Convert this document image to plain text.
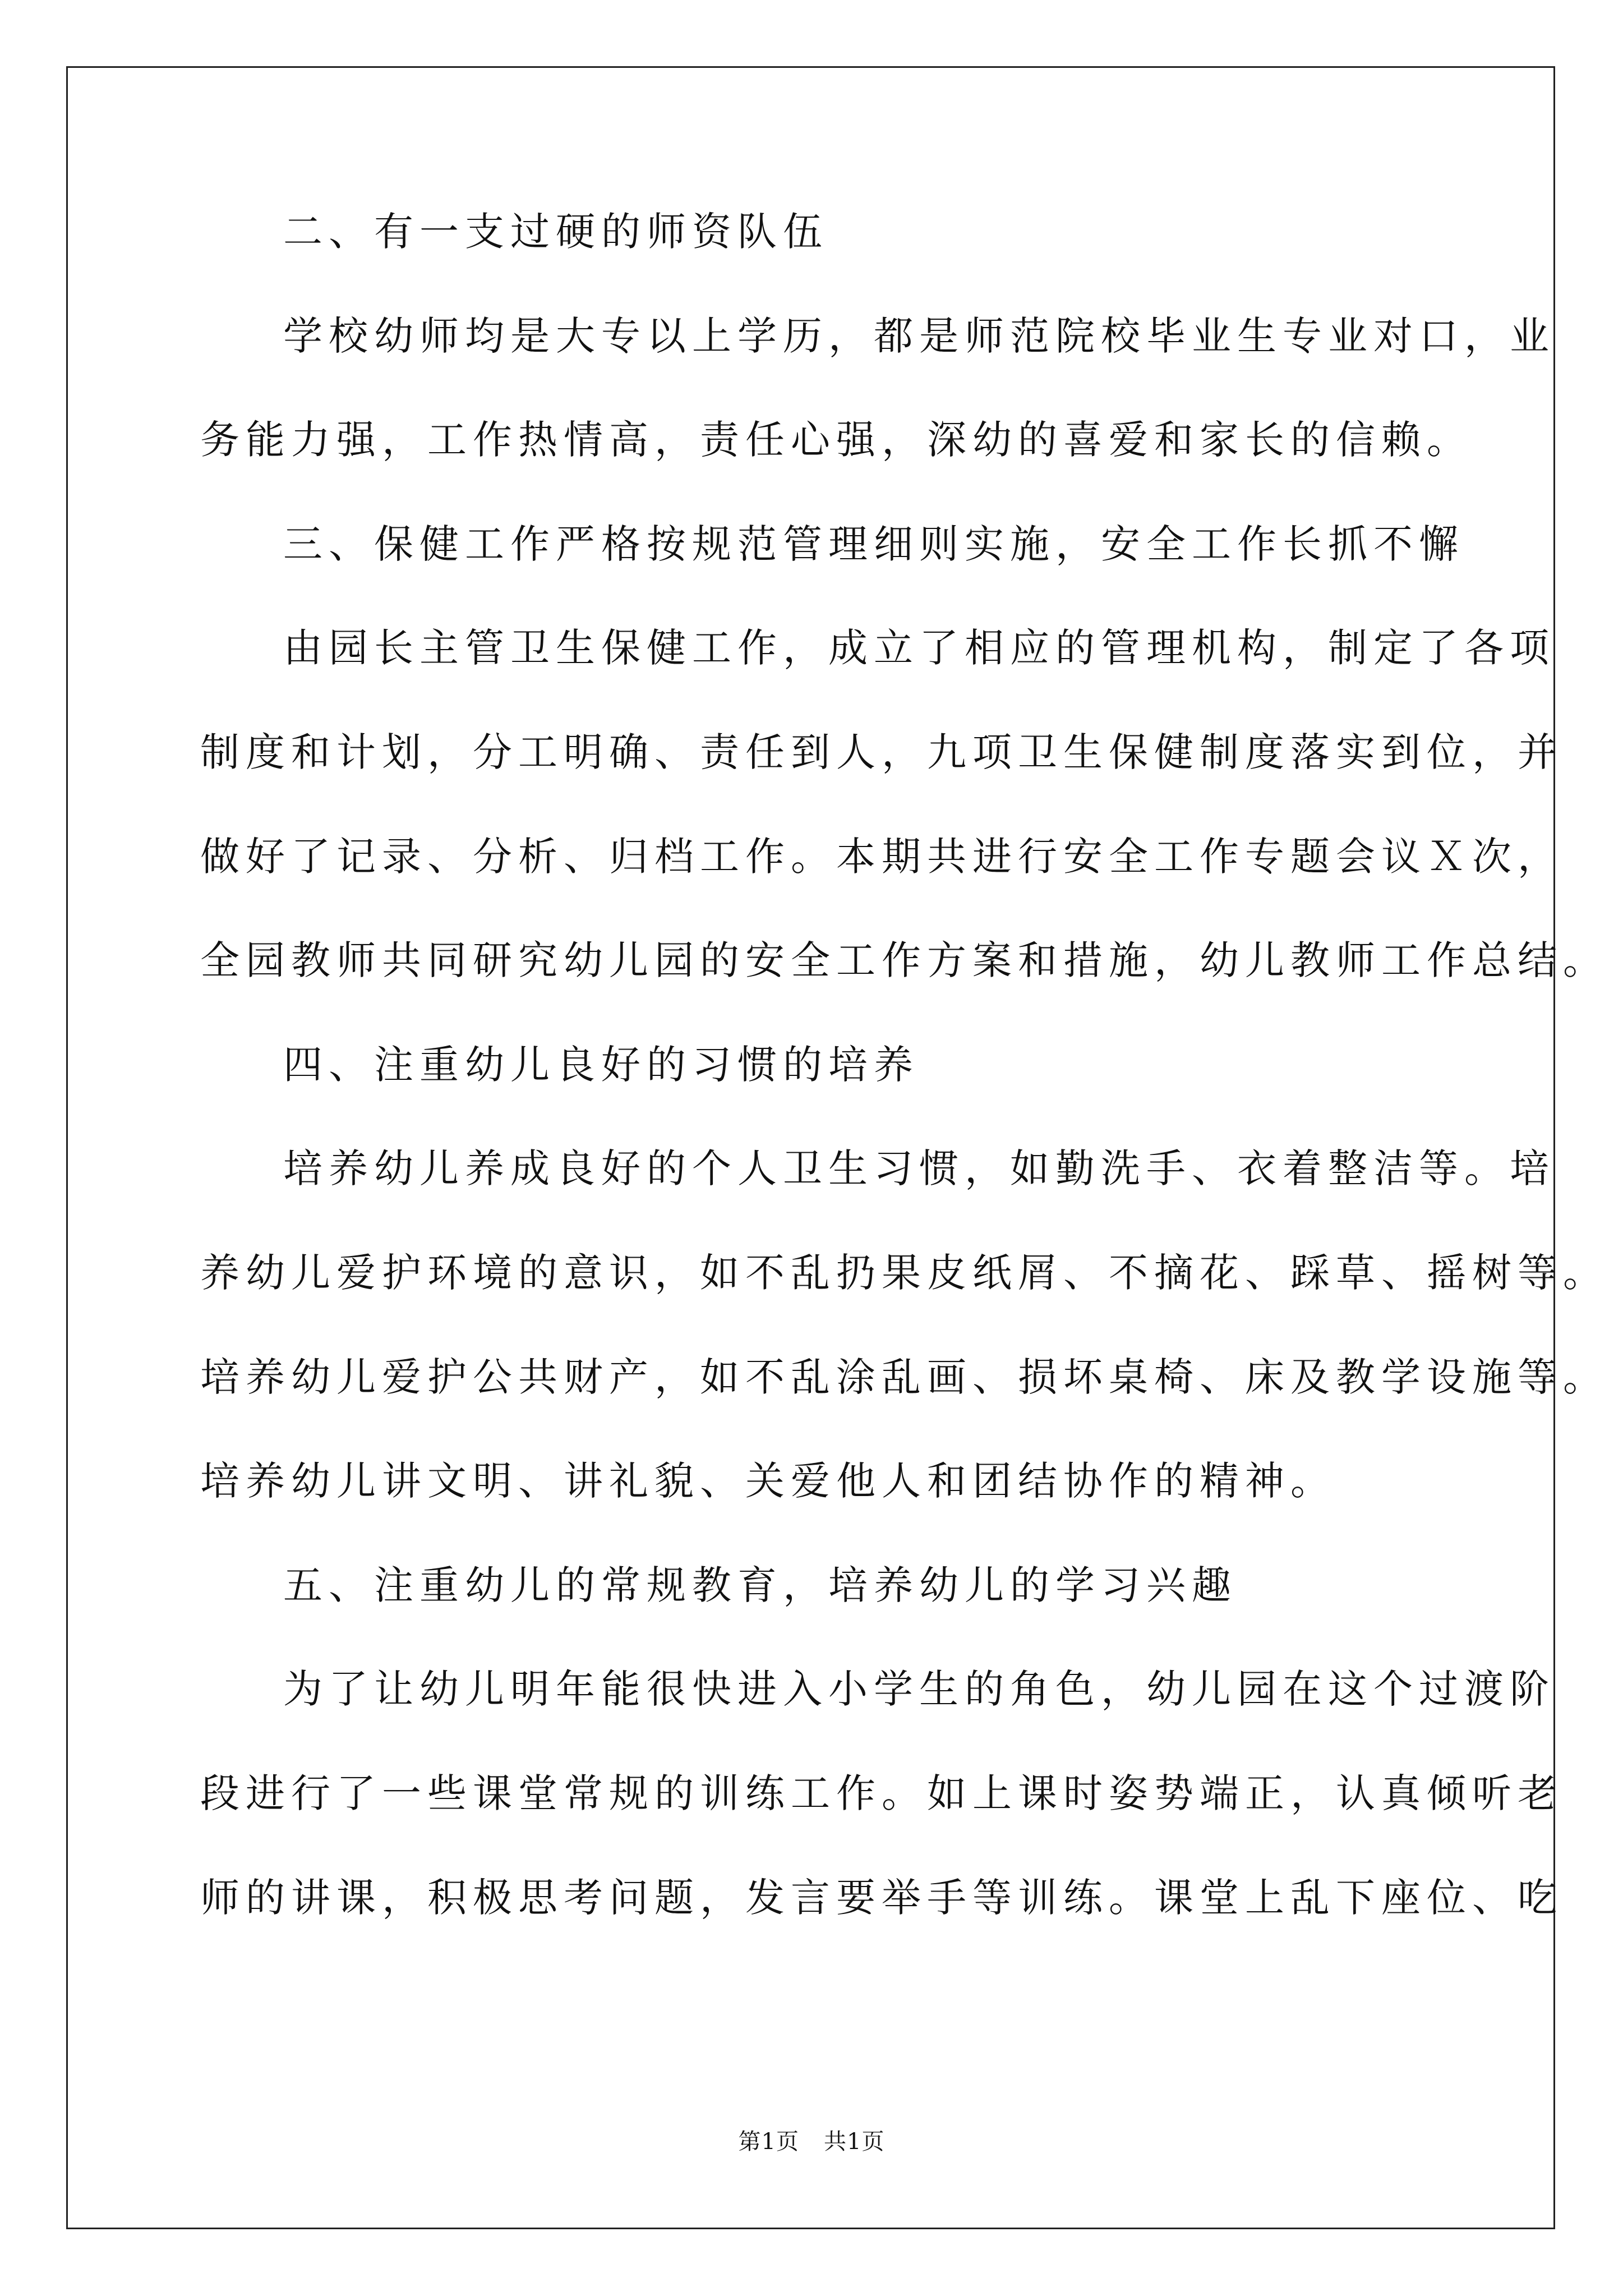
二、有一支过硬的师资队伍
学校幼师均是大专以上学历，都是师范院校毕业生专业对口，业
务能力强，工作热情高，责任心强，深幼的喜爱和家长的信赖。
三、保健工作严格按规范管理细则实施，安全工作长抓不懈
由园长主管卫生保健工作，成立了相应的管理机构，制定了各项
制度和计划，分工明确、责任到人，九项卫生保健制度落实到位，并
做好了记录、分析、归档工作。本期共进行安全工作专题会议Ｘ次，
全园教师共同研究幼儿园的安全工作方案和措施，幼儿教师工作总结。
四、注重幼儿良好的习惯的培养
培养幼儿养成良好的个人卫生习惯，如勤洗手、衣着整洁等。培
养幼儿爱护环境的意识，如不乱扔果皮纸屑、不摘花、踩草、摇树等。
培养幼儿爱护公共财产，如不乱涂乱画、损坏桌椅、床及教学设施等。
培养幼儿讲文明、讲礼貌、关爱他人和团结协作的精神。
五、注重幼儿的常规教育，培养幼儿的学习兴趣
为了让幼儿明年能很快进入小学生的角色，幼儿园在这个过渡阶
段进行了一些课堂常规的训练工作。如上课时姿势端正，认真倾听老
师的讲课，积极思考问题，发言要举手等训练。课堂上乱下座位、吃
第1页 共1页
